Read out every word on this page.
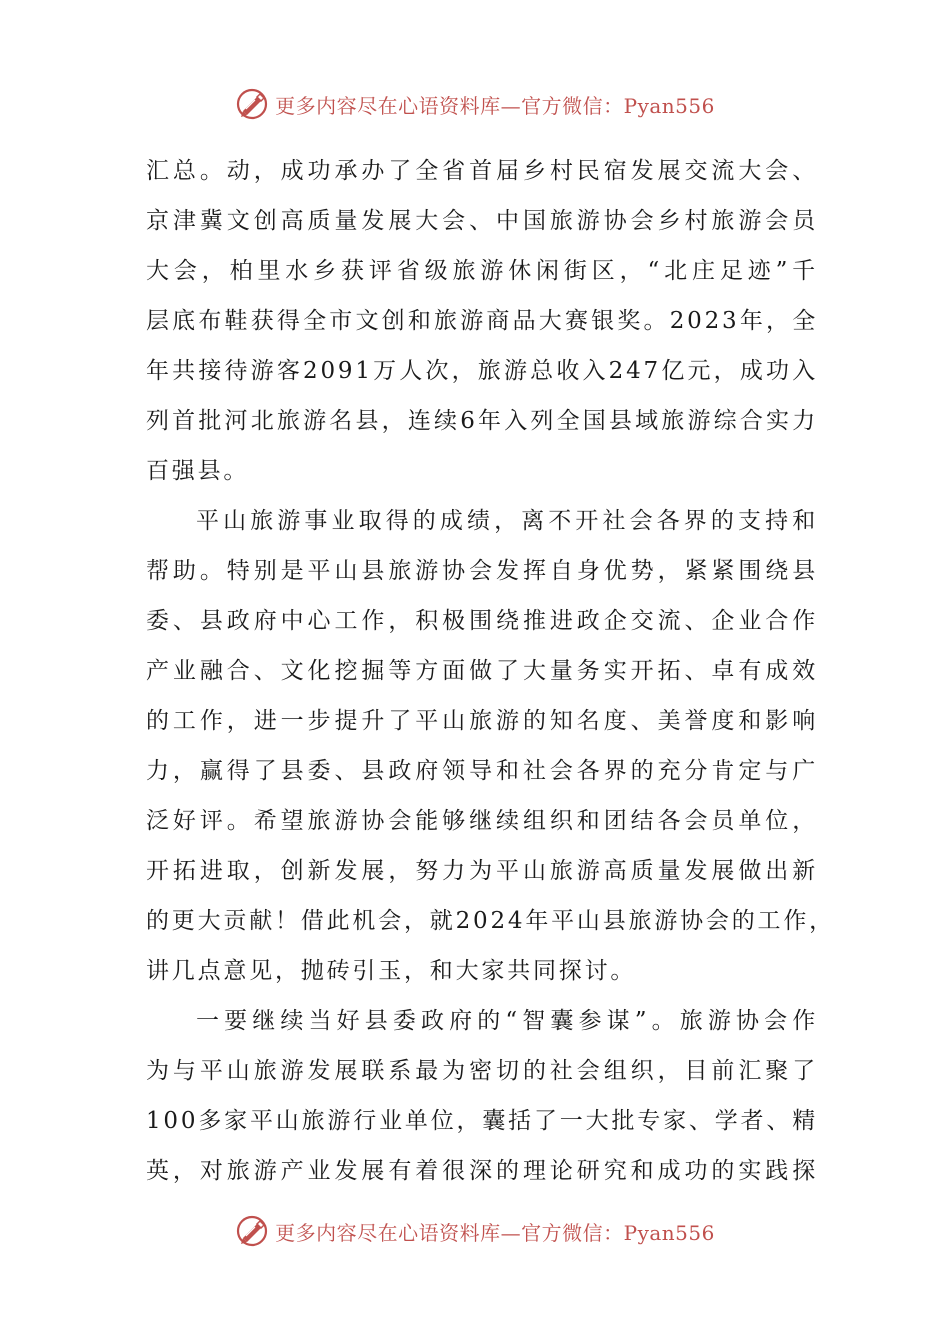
更多内容尽在心语资料库—官方微信：Pyan556
汇总。动，成功承办了全省首届乡村民宿发展交流大会、
京津冀文创高质量发展大会、中国旅游协会乡村旅游会员
大会，柏里水乡获评省级旅游休闲街区，“北庄足迹”千
层底布鞋获得全市文创和旅游商品大赛银奖。2023年，全
年共接待游客2091万人次，旅游总收入247亿元，成功入
列首批河北旅游名县，连续6年入列全国县域旅游综合实力
百强县。
平山旅游事业取得的成绩，离不开社会各界的支持和
帮助。特别是平山县旅游协会发挥自身优势，紧紧围绕县
委、县政府中心工作，积极围绕推进政企交流、企业合作
产业融合、文化挖掘等方面做了大量务实开拓、卓有成效
的工作，进一步提升了平山旅游的知名度、美誉度和影响
力，赢得了县委、县政府领导和社会各界的充分肯定与广
泛好评。希望旅游协会能够继续组织和团结各会员单位，
开拓进取，创新发展，努力为平山旅游高质量发展做出新
的更大贡献！借此机会，就2024年平山县旅游协会的工作，
讲几点意见，抛砖引玉，和大家共同探讨。
一要继续当好县委政府的“智囊参谋”。旅游协会作
为与平山旅游发展联系最为密切的社会组织，目前汇聚了
100多家平山旅游行业单位，囊括了一大批专家、学者、精
英，对旅游产业发展有着很深的理论研究和成功的实践探
更多内容尽在心语资料库—官方微信：Pyan556
